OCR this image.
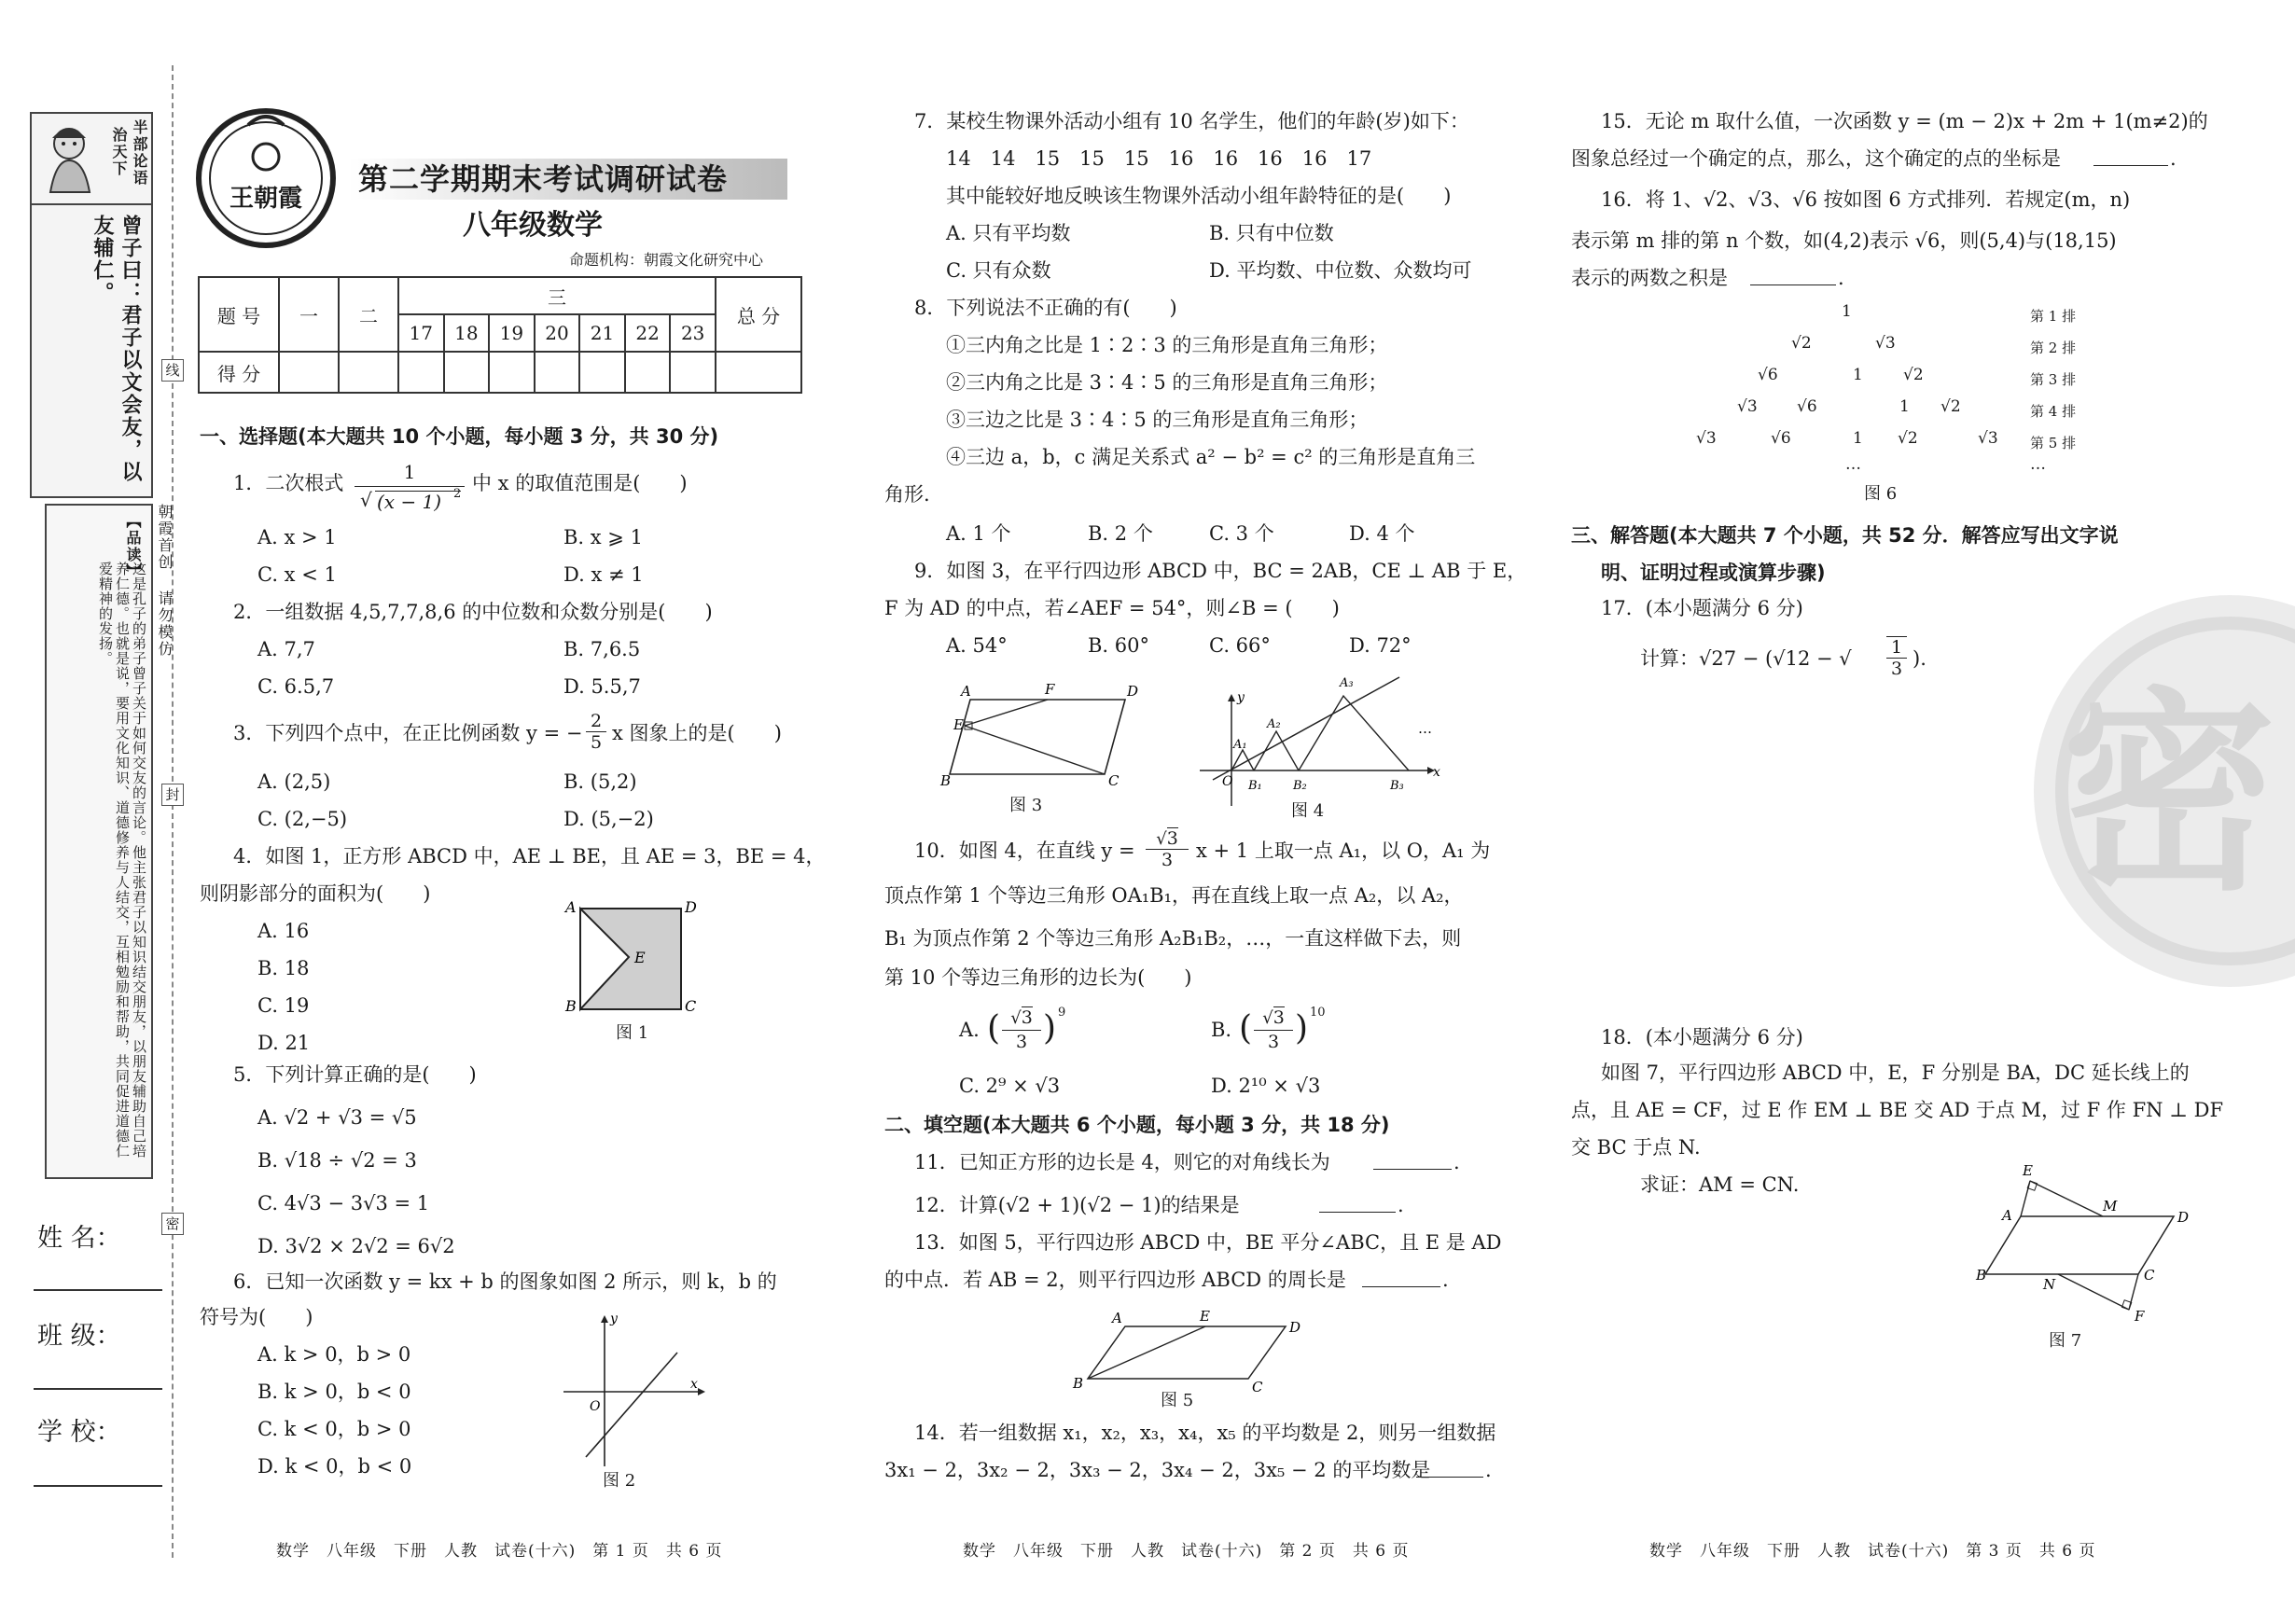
治天下 半部论语
曾子曰：君子以文会友，以友辅仁。
【品读】
这是孔子的弟子曾子关于如何交友的言论。他主张君子以知识结交朋友，以朋友辅助自己培养仁德。也就是说，要用文化知识、道德修养与人结交，互相勉励和帮助，共同促进道德仁爱精神的发扬。	朝霞首创 请勿模仿
线
封
密
姓 名：
班 级：
学 校：
王朝霞
第二学期期末考试调研试卷
八年级数学
命题机构：朝霞文化研究中心
题 号	一	二	三							总 分
			17	18	19	20	21	22	23	
得 分										
一、选择题(本大题共 10 个小题，每小题 3 分，共 30 分)
1．二次根式	1
√ (x − 1) 2 中 x 的取值范围是(　　)
A. x > 1	B. x ⩾ 1
C. x < 1	D. x ≠ 1
2．一组数据 4,5,7,7,8,6 的中位数和众数分别是(　　)
A. 7,7	B. 7,6.5
C. 6.5,7	D. 5.5,7
3．下列四个点中，在正比例函数 y = −
2
5 x 图象上的是(　　)
A. (2,5)	B. (5,2)
C. (2,−5)	D. (5,−2)
4．如图 1，正方形 ABCD 中，AE ⊥ BE，且 AE = 3，BE = 4，
则阴影部分的面积为(　　)
A. 16
B. 18
C. 19
D. 21
A	D
B	C
E
图 1
5．下列计算正确的是(　　)
A. √2 + √3 = √5
B. √18 ÷ √2 = 3
C. 4√3 − 3√3 = 1
D. 3√2 × 2√2 = 6√2
6．已知一次函数 y = kx + b 的图象如图 2 所示，则 k，b 的
符号为(　　)
A. k > 0，b > 0
B. k > 0，b < 0
C. k < 0，b > 0
D. k < 0，b < 0
y
x
O
图 2
7．某校生物课外活动小组有 10 名学生，他们的年龄(岁)如下：
14　14　15　15　15　16　16　16　16　17
其中能较好地反映该生物课外活动小组年龄特征的是(　　)
A. 只有平均数	B. 只有中位数
C. 只有众数	D. 平均数、中位数、众数均可
8．下列说法不正确的有(　　)
①三内角之比是 1∶2∶3 的三角形是直角三角形；
②三内角之比是 3∶4∶5 的三角形是直角三角形；
③三边之比是 3∶4∶5 的三角形是直角三角形；
④三边 a，b，c 满足关系式 a² − b² = c² 的三角形是直角三
角形.
A. 1 个	B. 2 个	C. 3 个	D. 4 个
9．如图 3，在平行四边形 ABCD 中，BC = 2AB，CE ⊥ AB 于 E，
F 为 AD 的中点，若∠AEF = 54°，则∠B = (　　)
A. 54°	B. 60°	C. 66°	D. 72°
A	F	D
E
B	C
图 3
O
y
x
A₁
A₂
A₃
B₁	B₂	B₃
…
图 4
10．如图 4，在直线 y =
√3
3	x + 1 上取一点 A₁，以 O，A₁ 为
顶点作第 1 个等边三角形 OA₁B₁，再在直线上取一点 A₂，以 A₂，
B₁ 为顶点作第 2 个等边三角形 A₂B₁B₂，…，一直这样做下去，则
第 10 个等边三角形的边长为(　　)
A. ( √3
3 ) 9
B. ( √3
3 ) 10
C. 2⁹ × √3	D. 2¹⁰ × √3
二、填空题(本大题共 6 个小题，每小题 3 分，共 18 分)
11．已知正方形的边长是 4，则它的对角线长为	.
12．计算(√2 + 1)(√2 − 1)的结果是	.
13．如图 5，平行四边形 ABCD 中，BE 平分∠ABC，且 E 是 AD
的中点．若 AB = 2，则平行四边形 ABCD 的周长是	.
A	E
D
B	C
图 5
14．若一组数据 x₁，x₂，x₃，x₄，x₅ 的平均数是 2，则另一组数据
3x₁ − 2，3x₂ − 2，3x₃ − 2，3x₄ − 2，3x₅ − 2 的平均数是	.
密
15．无论 m 取什么值，一次函数 y = (m − 2)x + 2m + 1(m≠2)的
图象总经过一个确定的点，那么，这个确定的点的坐标是	.
16．将 1、√2、√3、√6 按如图 6 方式排列．若规定(m，n)
表示第 m 排的第 n 个数，如(4,2)表示 √6，则(5,4)与(18,15)
表示的两数之积是	.
1
√2	√3
√6	1	√2
√3 √6	1 √2
√3	√6	1 √2	√3
…
第 1 排
第 2 排
第 3 排
第 4 排
第 5 排
…
图 6
三、解答题(本大题共 7 个小题，共 52 分．解答应写出文字说
明、证明过程或演算步骤)
17．(本小题满分 6 分)
计算：√27 − (√12 − √ 1
3 ).
18．(本小题满分 6 分)
如图 7，平行四边形 ABCD 中，E，F 分别是 BA，DC 延长线上的
点，且 AE = CF，过 E 作 EM ⊥ BE 交 AD 于点 M，过 F 作 FN ⊥ DF
交 BC 于点 N.
求证：AM = CN.
E
A
M
D
B
N
C
F
图 7
数学　八年级　下册　人教　试卷(十六)　第 1 页　共 6 页	数学　八年级　下册　人教　试卷(十六)　第 2 页　共 6 页	数学　八年级　下册　人教　试卷(十六)　第 3 页　共 6 页
